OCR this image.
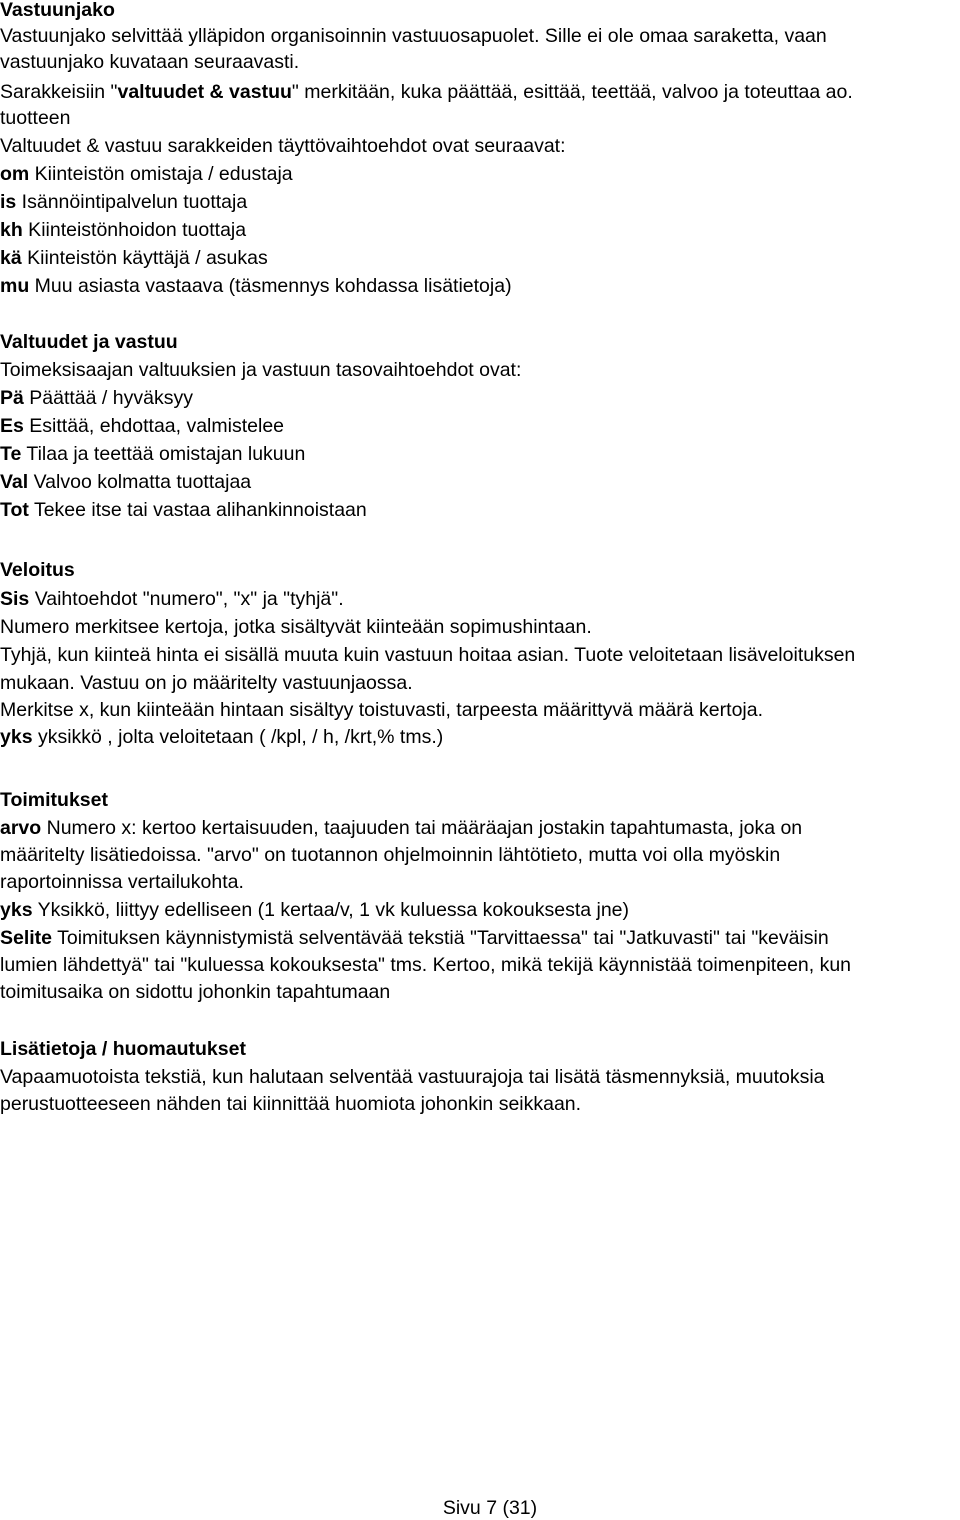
Vastuunjako
Vastuunjako selvittää ylläpidon organisoinnin vastuuosapuolet. Sille ei ole omaa saraketta, vaan
vastuunjako kuvataan seuraavasti.
Sarakkeisiin "valtuudet & vastuu" merkitään, kuka päättää, esittää, teettää, valvoo ja toteuttaa ao.
tuotteen
Valtuudet & vastuu sarakkeiden täyttövaihtoehdot ovat seuraavat:
om Kiinteistön omistaja / edustaja
is Isännöintipalvelun tuottaja
kh Kiinteistönhoidon tuottaja
kä Kiinteistön käyttäjä / asukas
mu Muu asiasta vastaava (täsmennys kohdassa lisätietoja)
Valtuudet ja vastuu
Toimeksisaajan valtuuksien ja vastuun tasovaihtoehdot ovat:
Pä Päättää / hyväksyy
Es Esittää, ehdottaa, valmistelee
Te Tilaa ja teettää omistajan lukuun
Val Valvoo kolmatta tuottajaa
Tot Tekee itse tai vastaa alihankinnoistaan
Veloitus
Sis Vaihtoehdot "numero", "x" ja "tyhjä".
Numero merkitsee kertoja, jotka sisältyvät kiinteään sopimushintaan.
Tyhjä, kun kiinteä hinta ei sisällä muuta kuin vastuun hoitaa asian. Tuote veloitetaan lisäveloituksen
mukaan. Vastuu on jo määritelty vastuunjaossa.
Merkitse x, kun kiinteään hintaan sisältyy toistuvasti, tarpeesta määrittyvä määrä kertoja.
yks yksikkö , jolta veloitetaan ( /kpl, / h, /krt,% tms.)
Toimitukset
arvo Numero x: kertoo kertaisuuden, taajuuden tai määräajan jostakin tapahtumasta, joka on
määritelty lisätiedoissa. "arvo" on tuotannon ohjelmoinnin lähtötieto, mutta voi olla myöskin
raportoinnissa vertailukohta.
yks Yksikkö, liittyy edelliseen (1 kertaa/v, 1 vk kuluessa kokouksesta jne)
Selite Toimituksen käynnistymistä selventävää tekstiä "Tarvittaessa" tai "Jatkuvasti" tai "keväisin
lumien lähdettyä" tai "kuluessa kokouksesta" tms. Kertoo, mikä tekijä käynnistää toimenpiteen, kun
toimitusaika on sidottu johonkin tapahtumaan
Lisätietoja / huomautukset
Vapaamuotoista tekstiä, kun halutaan selventää vastuurajoja tai lisätä täsmennyksiä, muutoksia
perustuotteeseen nähden tai kiinnittää huomiota johonkin seikkaan.
Sivu 7 (31)
